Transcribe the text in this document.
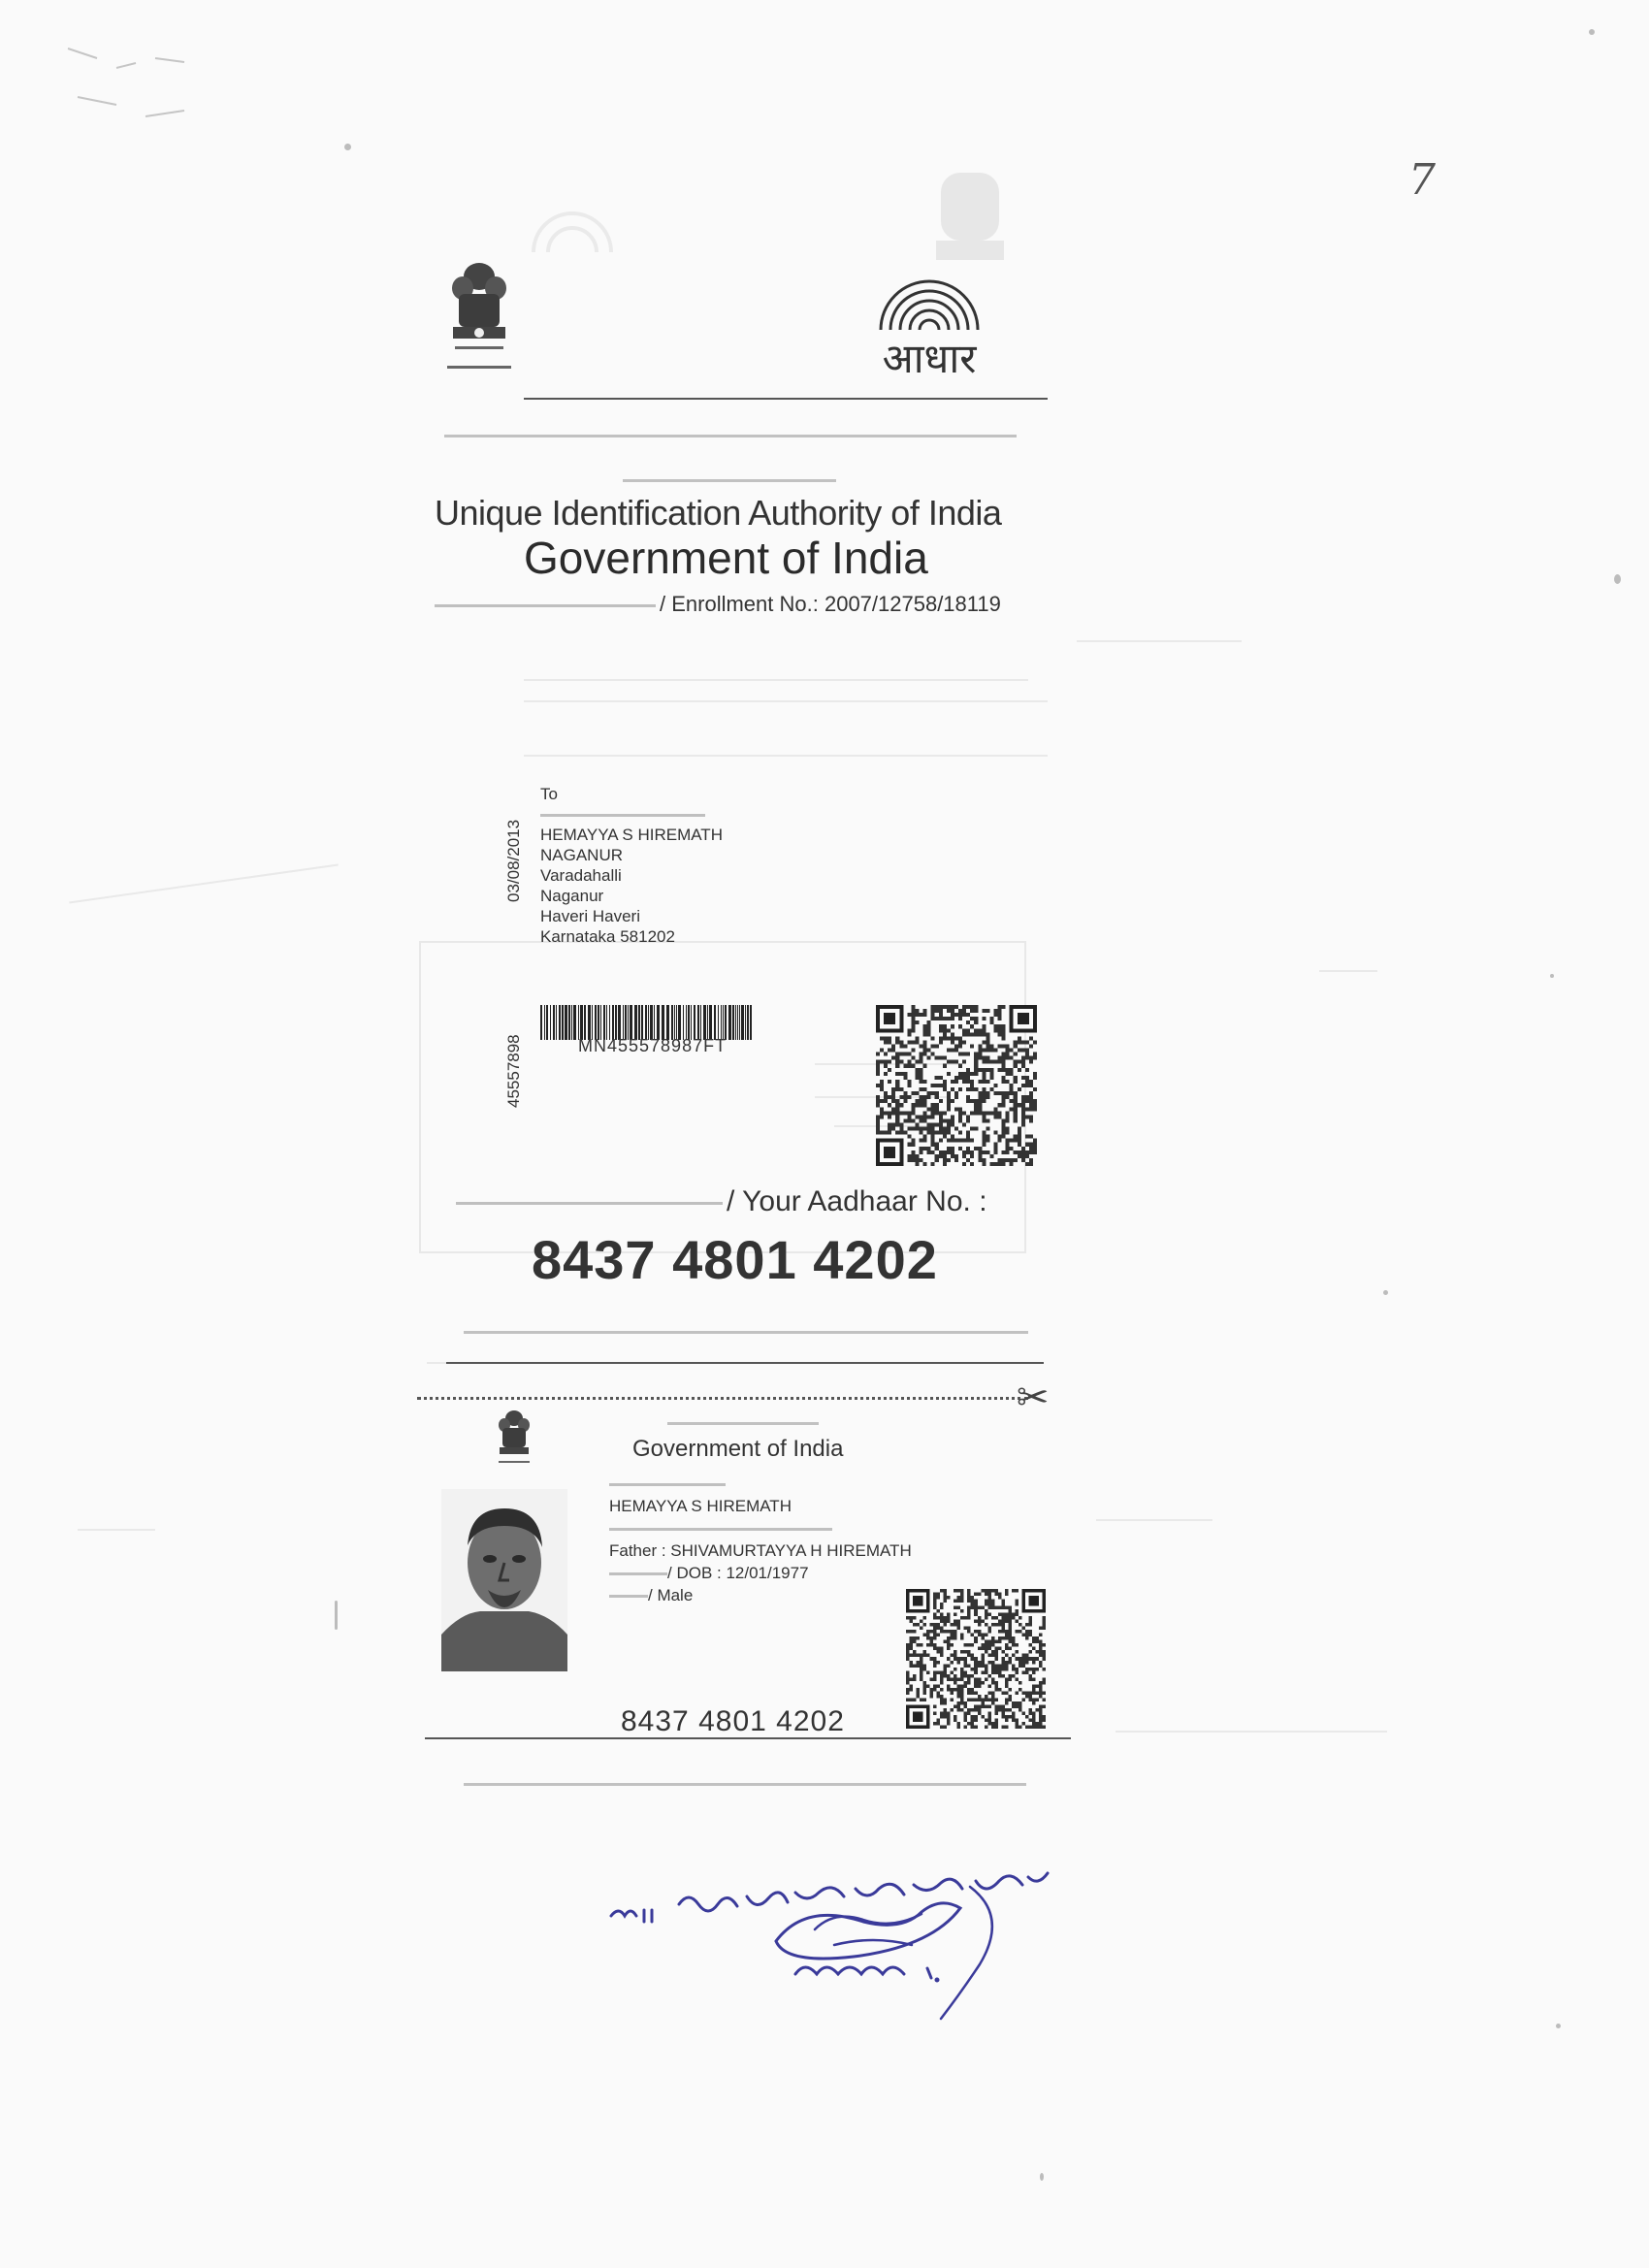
7
आधार
Unique Identification Authority of India
Government of India
/ Enrollment No.: 2007/12758/18119
03/08/2013
45557898
To
HEMAYYA S HIREMATH
NAGANUR
Varadahalli
Naganur
Haveri Haveri
Karnataka 581202
MN455578987FT
/ Your Aadhaar No. :
8437 4801 4202
✂
Government of India
HEMAYYA S HIREMATH
Father : SHIVAMURTAYYA H HIREMATH
/ DOB : 12/01/1977
/ Male
8437 4801 4202
